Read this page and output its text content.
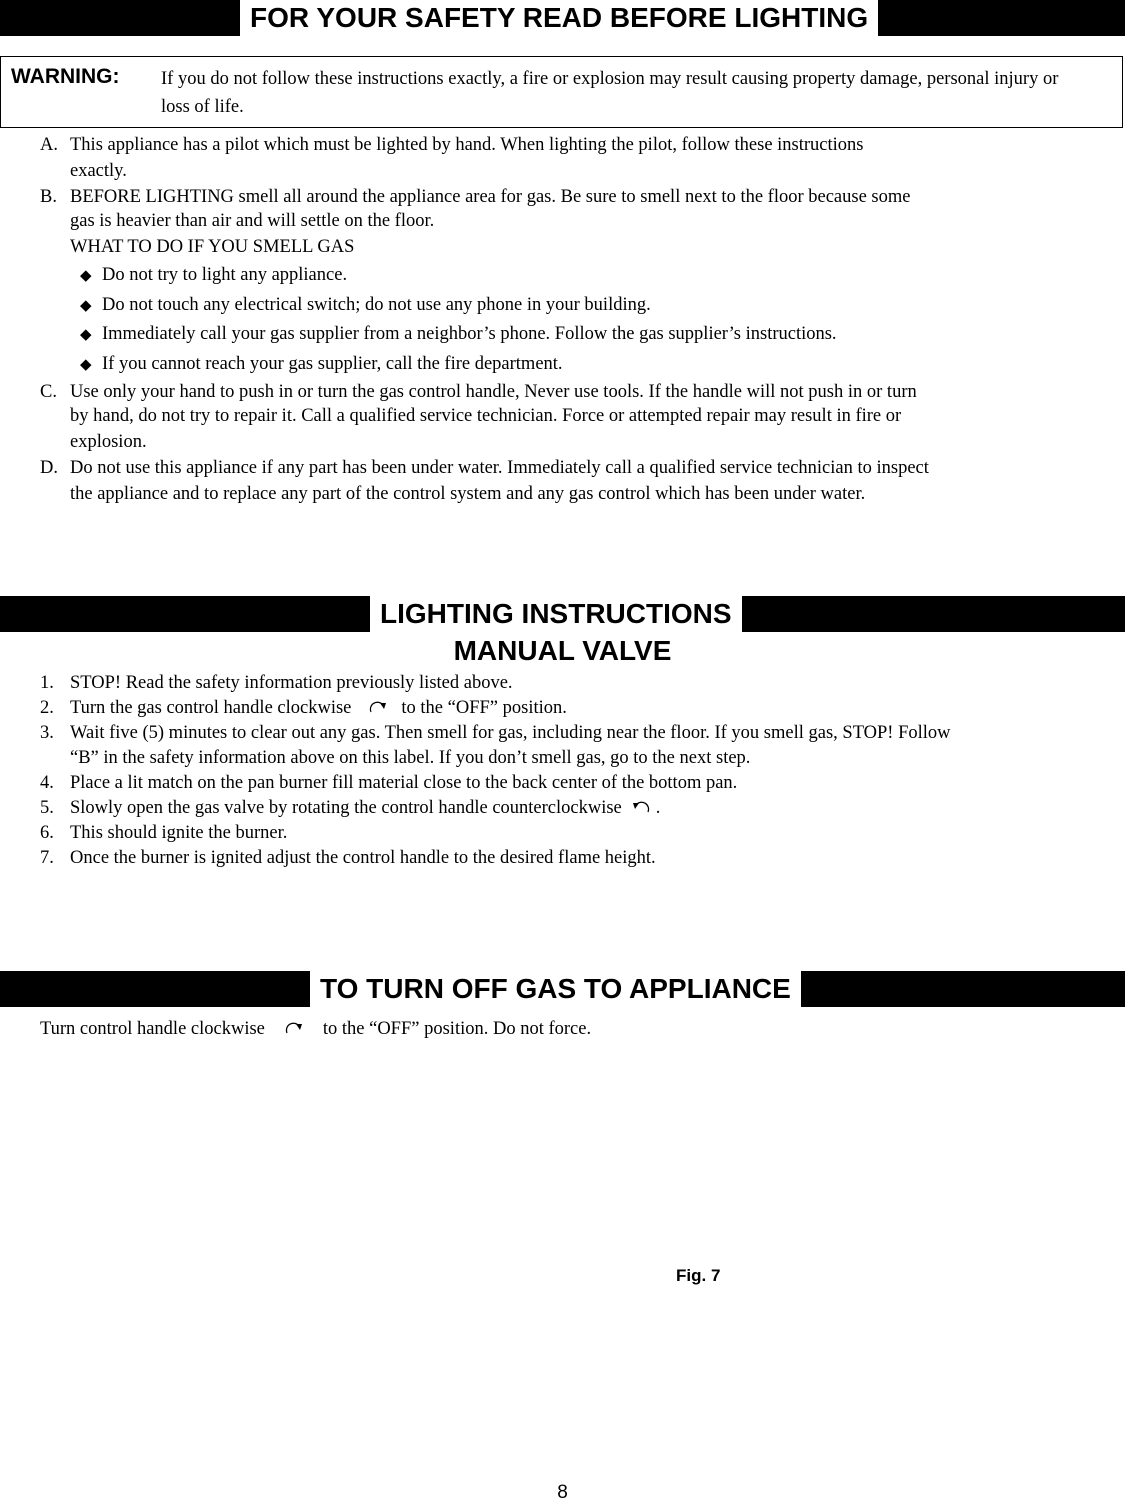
FOR YOUR SAFETY READ BEFORE LIGHTING
WARNING: If you do not follow these instructions exactly, a fire or explosion may result causing property damage, personal injury or loss of life.
A. This appliance has a pilot which must be lighted by hand. When lighting the pilot, follow these instructions
exactly.
B. BEFORE LIGHTING smell all around the appliance area for gas. Be sure to smell next to the floor because some
gas is heavier than air and will settle on the floor.
WHAT TO DO IF YOU SMELL GAS
◆ Do not try to light any appliance.
◆ Do not touch any electrical switch; do not use any phone in your building.
◆ Immediately call your gas supplier from a neighbor’s phone. Follow the gas supplier’s instructions.
◆ If you cannot reach your gas supplier, call the fire department.
C. Use only your hand to push in or turn the gas control handle, Never use tools. If the handle will not push in or turn
by hand, do not try to repair it. Call a qualified service technician. Force or attempted repair may result in fire or
explosion.
D. Do not use this appliance if any part has been under water. Immediately call a qualified service technician to inspect
the appliance and to replace any part of the control system and any gas control which has been under water.
LIGHTING INSTRUCTIONS
MANUAL VALVE
1. STOP! Read the safety information previously listed above.
2. Turn the gas control handle clockwise	to the “OFF” position.
3. Wait five (5) minutes to clear out any gas. Then smell for gas, including near the floor. If you smell gas, STOP! Follow
“B” in the safety information above on this label. If you don’t smell gas, go to the next step.
4. Place a lit match on the pan burner fill material close to the back center of the bottom pan.
5. Slowly open the gas valve by rotating the control handle counterclockwise .
6. This should ignite the burner.
7. Once the burner is ignited adjust the control handle to the desired flame height.
TO TURN OFF GAS TO APPLIANCE
Turn control handle clockwise	to the “OFF” position. Do not force.
Fig. 7
8
